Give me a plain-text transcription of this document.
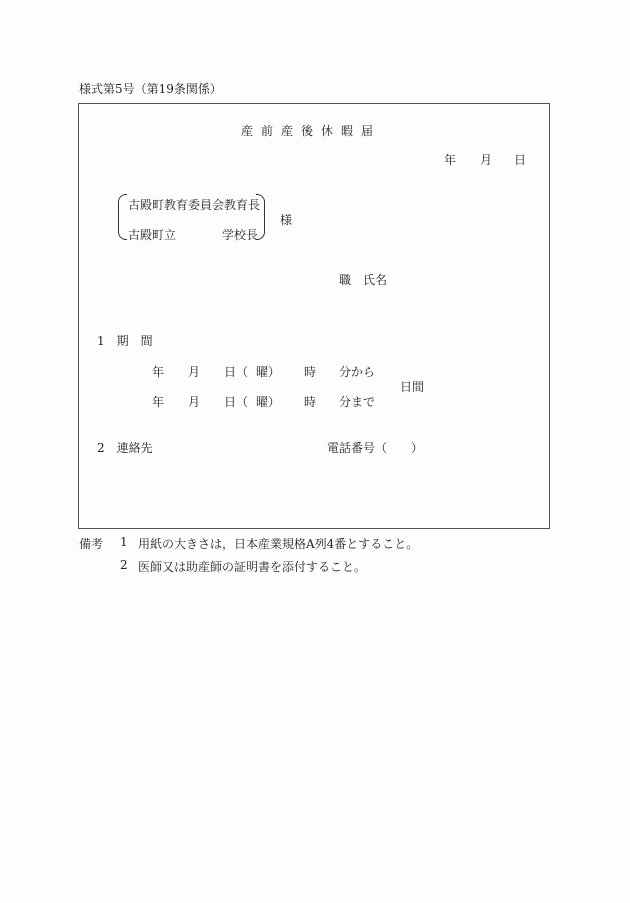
様式第5号（第19条関係）
産前産後休暇届
年 月 日
古殿町教育委員会教育長
古殿町立	学校長
様
職　氏名
1　期　間
年 月 日（ 曜） 時 分から
日間
年 月 日（ 曜） 時 分まで
2　連絡先	電話番号（　　）
備考 1 用紙の大きさは，日本産業規格A列4番とすること。
2 医師又は助産師の証明書を添付すること。
